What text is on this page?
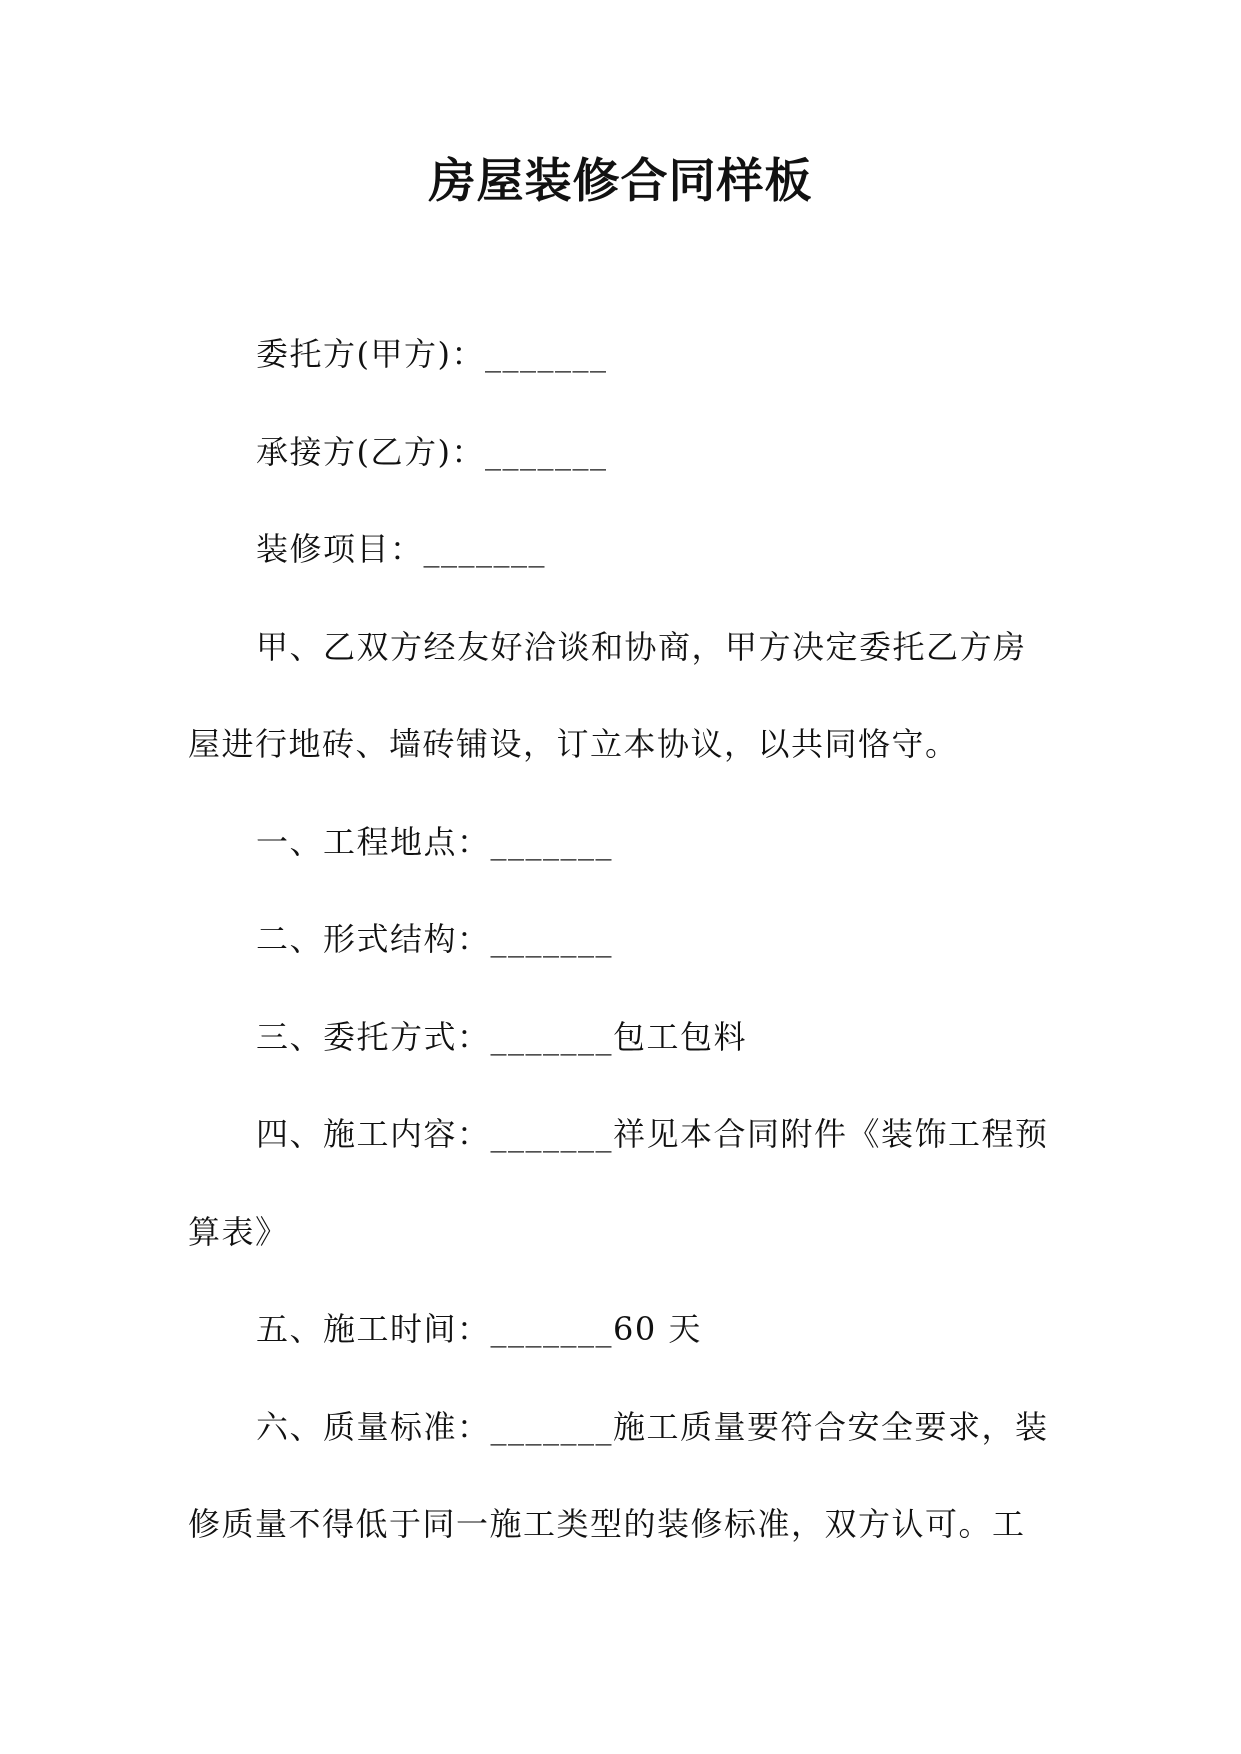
房屋装修合同样板

委托方(甲方)：_______

承接方(乙方)：_______

装修项目：_______

甲、乙双方经友好洽谈和协商，甲方决定委托乙方房
屋进行地砖、墙砖铺设，订立本协议，以共同恪守。

一、工程地点：_______

二、形式结构：_______

三、委托方式：_______包工包料

四、施工内容：_______祥见本合同附件《装饰工程预
算表》

五、施工时间：_______60 天

六、质量标准：_______施工质量要符合安全要求，装
修质量不得低于同一施工类型的装修标准，双方认可。工
